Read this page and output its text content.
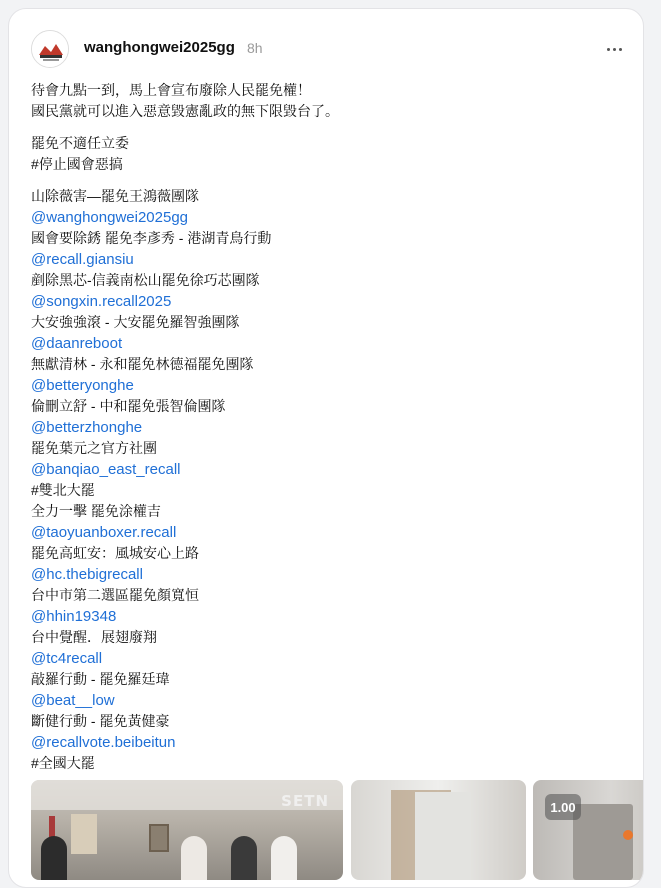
wanghongwei2025gg 8h
待會九點一到，馬上會宣布廢除人民罷免權！
國民黨就可以進入惡意毀憲亂政的無下限毀台了。
罷免不適任立委
#停止國會惡搞
山除薇害—罷免王鴻薇團隊
@wanghongwei2025gg
國會要除銹 罷免李彥秀 - 港湖青鳥行動
@recall.giansiu
剷除黑芯-信義南松山罷免徐巧芯團隊
@songxin.recall2025
大安強強滾 - 大安罷免羅智強團隊
@daanreboot
無獻清林 - 永和罷免林德福罷免團隊
@betteryonghe
倫刪立舒 - 中和罷免張智倫團隊
@betterzhonghe
罷免葉元之官方社團
@banqiao_east_recall
#雙北大罷
全力一擊 罷免涂權吉
@taoyuanboxer.recall
罷免高虹安：風城安心上路
@hc.thebigrecall
台中市第二選區罷免顏寬恒
@hhin19348
台中覺醒．展翅廢翔
@tc4recall
敲羅行動 - 罷免羅廷瑋
@beat__low
斷健行動 - 罷免黃健豪
@recallvote.beibeitun
#全國大罷
SETN	1.00
